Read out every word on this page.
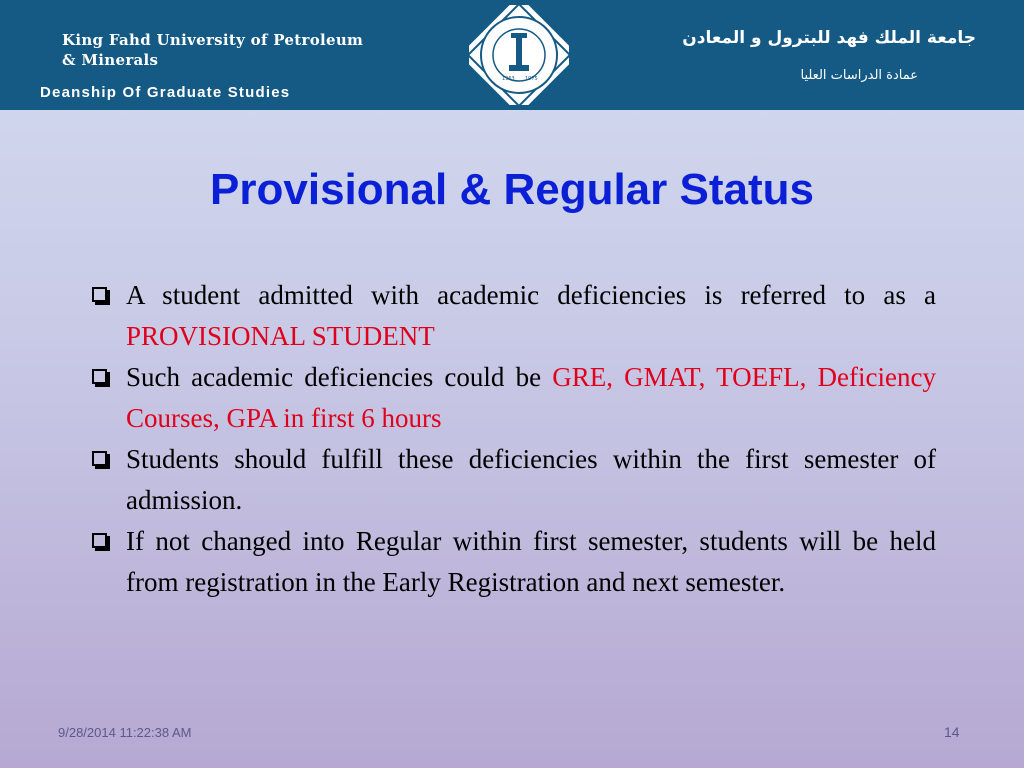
King Fahd University of Petroleum & Minerals
Deanship Of Graduate Studies
1963 1975
جامعة الملك فهد للبترول و المعادن
عمادة الدراسات العليا
Provisional & Regular Status
A student admitted with academic deficiencies is referred to as a PROVISIONAL STUDENT
Such academic deficiencies could be GRE, GMAT, TOEFL, Deficiency Courses, GPA in first 6 hours
Students should fulfill these deficiencies within the first semester of admission.
If not changed into Regular within first semester, students will be held from registration in the Early Registration and next semester.
9/28/2014 11:22:38 AM	14
